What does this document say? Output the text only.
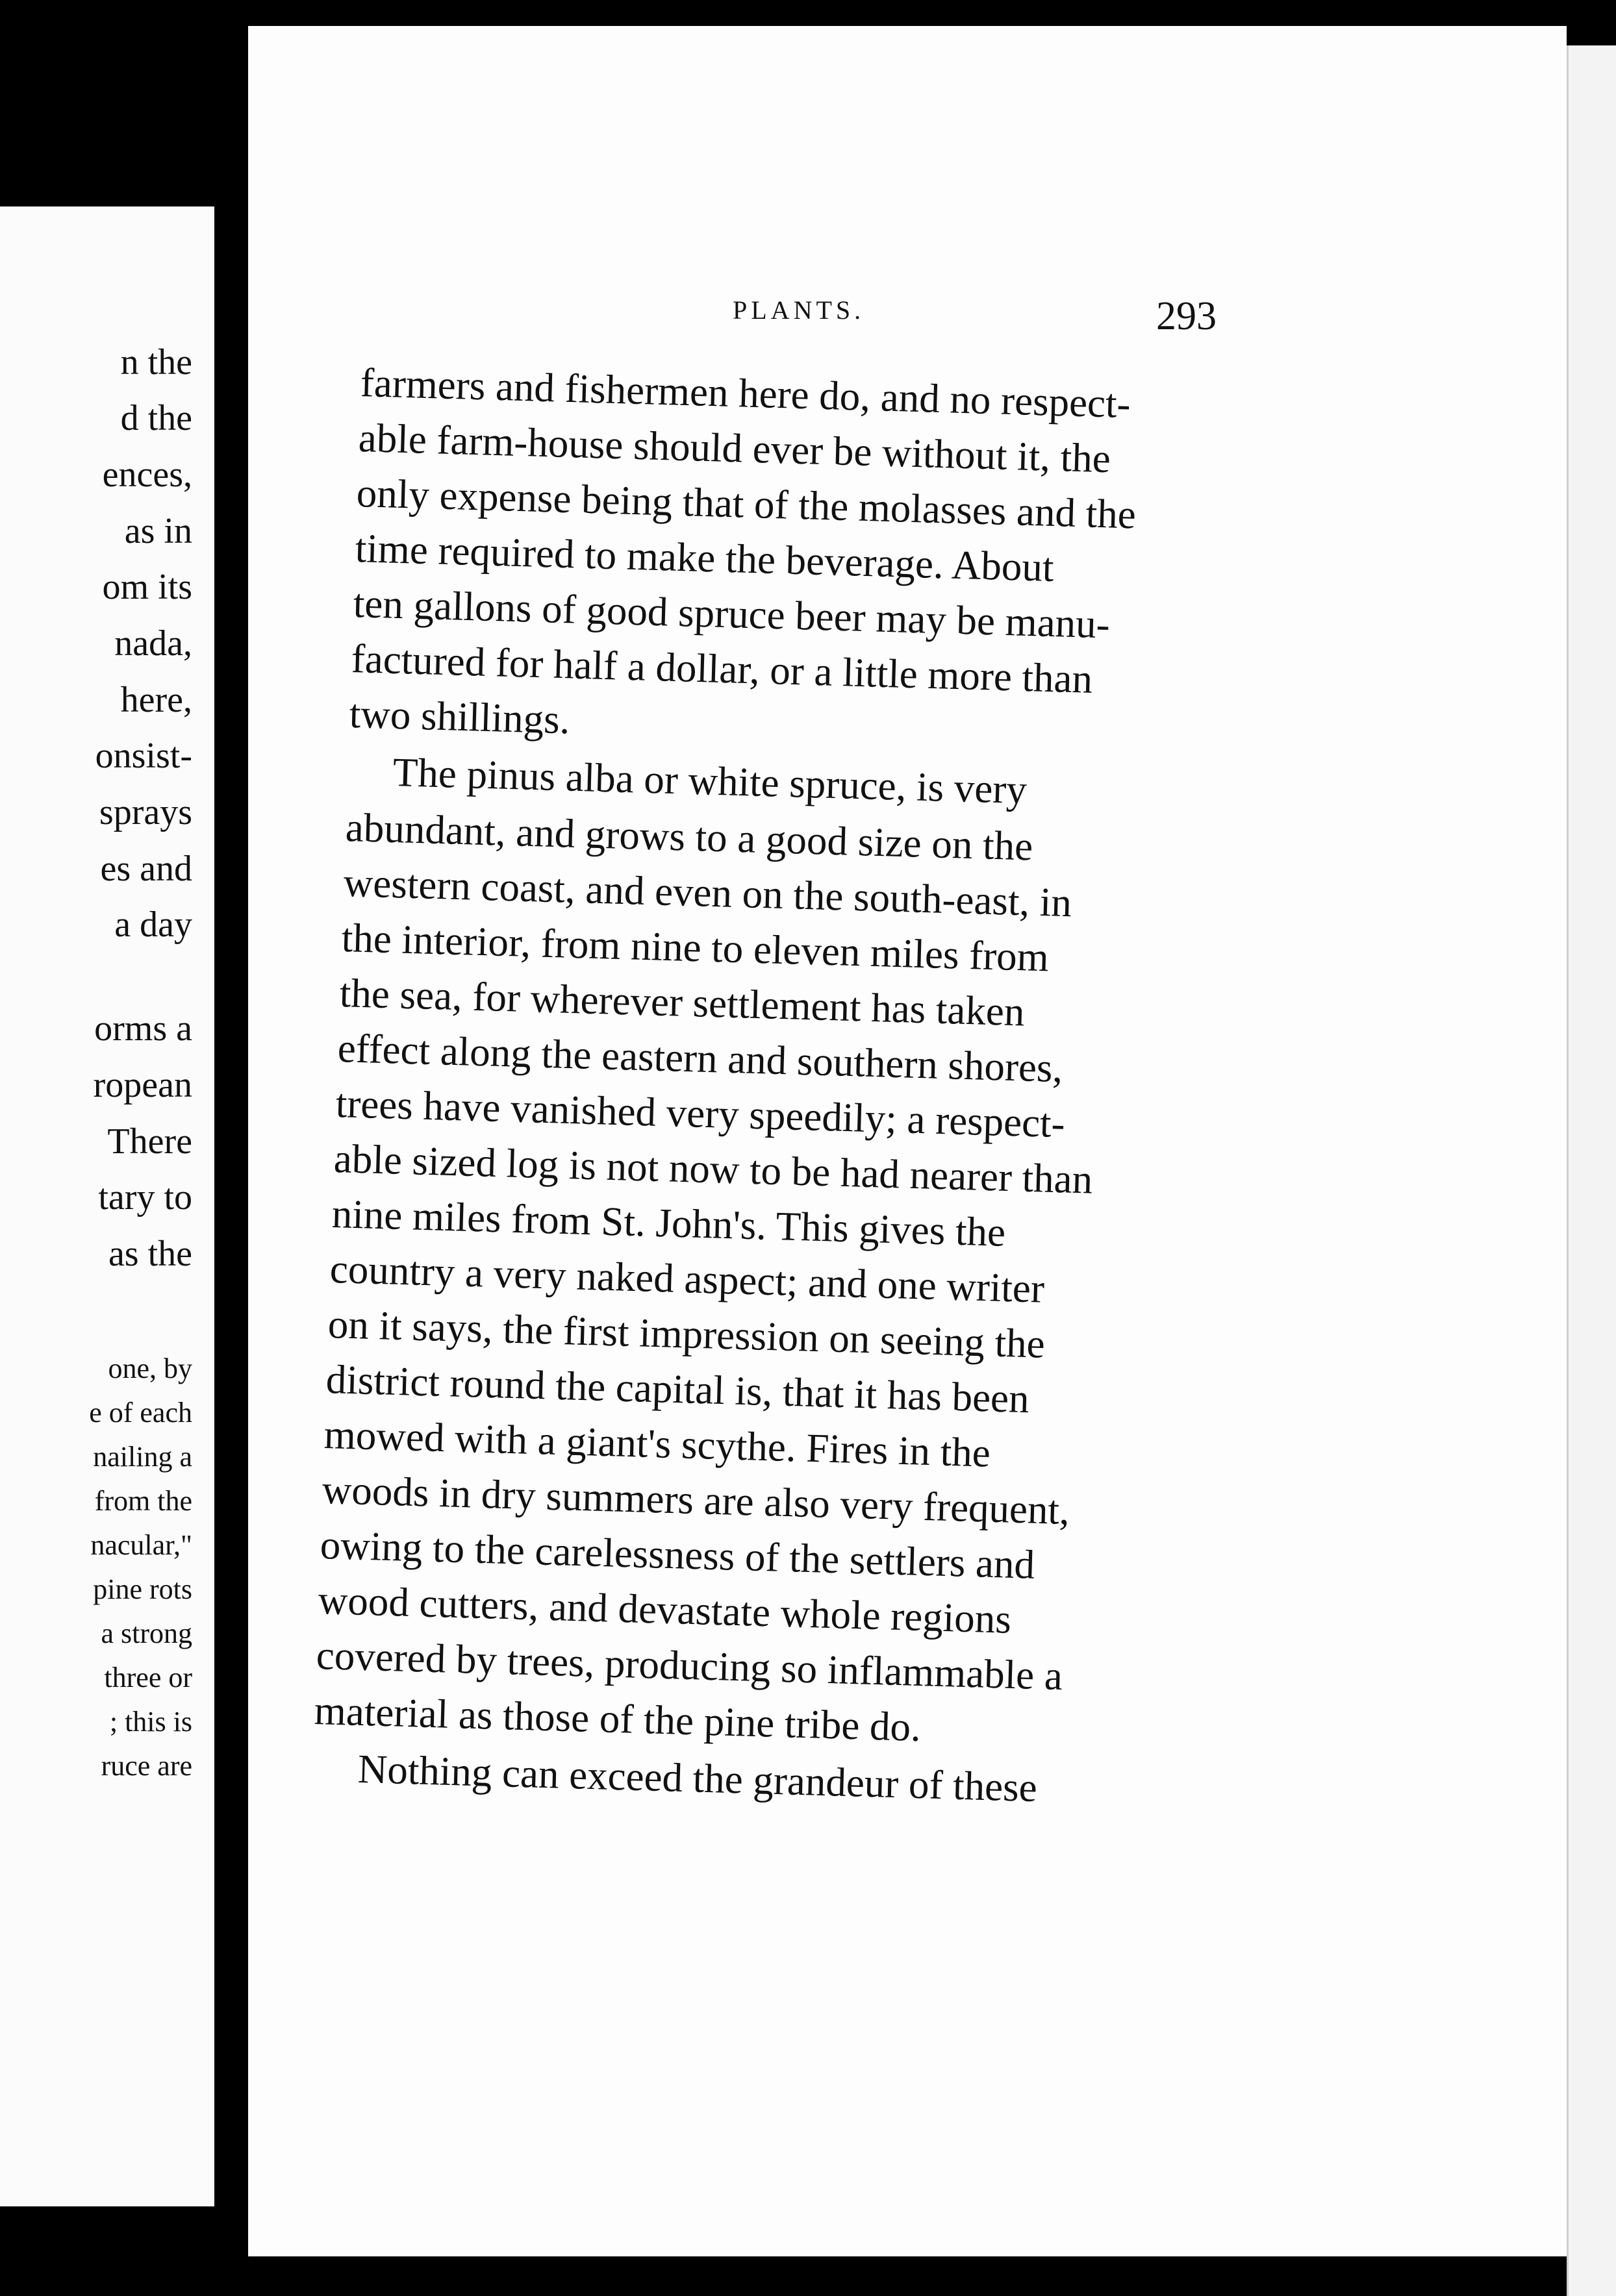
n the
d the
ences,
as in
om its
nada,
here,
onsist-
sprays
es and
a day
orms a
ropean
There
tary to
as the
one, by
e of each
nailing a
from the
nacular,"
pine rots
a strong
three or
; this is
ruce are
PLANTS.	293
farmers and fishermen here do, and no respect-
able farm-house should ever be without it, the
only expense being that of the molasses and the
time required to make the beverage. About
ten gallons of good spruce beer may be manu-
factured for half a dollar, or a little more than
two shillings.
The pinus alba or white spruce, is very
abundant, and grows to a good size on the
western coast, and even on the south-east, in
the interior, from nine to eleven miles from
the sea, for wherever settlement has taken
effect along the eastern and southern shores,
trees have vanished very speedily; a respect-
able sized log is not now to be had nearer than
nine miles from St. John's. This gives the
country a very naked aspect; and one writer
on it says, the first impression on seeing the
district round the capital is, that it has been
mowed with a giant's scythe. Fires in the
woods in dry summers are also very frequent,
owing to the carelessness of the settlers and
wood cutters, and devastate whole regions
covered by trees, producing so inflammable a
material as those of the pine tribe do.
Nothing can exceed the grandeur of these
